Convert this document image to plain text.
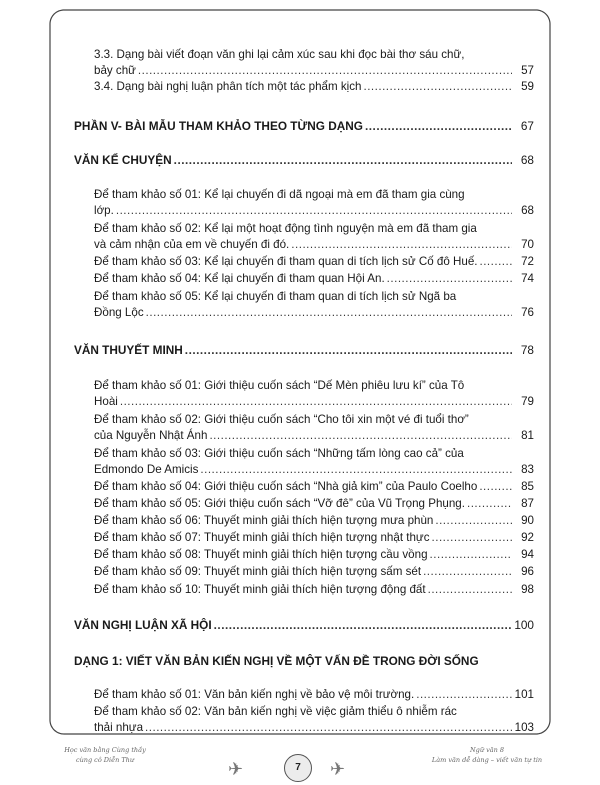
3.3. Dạng bài viết đoạn văn ghi lại cảm xúc sau khi đọc bài thơ sáu chữ,
bảy chữ .....	57
3.4. Dạng bài nghị luận phân tích một tác phẩm kịch .....	59
PHẦN V- BÀI MẪU THAM KHẢO THEO TỪNG DẠNG .....	67
VĂN KỂ CHUYỆN .....	68
Để tham khảo số 01: Kể lại chuyến đi dã ngoại mà em đã tham gia cùng
lớp. .....	68
Để tham khảo số 02: Kể lại một hoạt động tình nguyện mà em đã tham gia
và cảm nhận của em về chuyến đi đó. .....	70
Để tham khảo số 03: Kể lại chuyến đi tham quan di tích lịch sử Cố đô Huế. .....	72
Để tham khảo số 04: Kể lại chuyến đi tham quan Hội An. .....	74
Để tham khảo số 05: Kể lại chuyến đi tham quan di tích lịch sử Ngã ba
Đồng Lộc .....	76
VĂN THUYẾT MINH .....	78
Để tham khảo số 01: Giới thiệu cuốn sách “Dế Mèn phiêu lưu kí” của Tô
Hoài .....	79
Để tham khảo số 02: Giới thiệu cuốn sách “Cho tôi xin một vé đi tuổi thơ”
của Nguyễn Nhật Ánh .....	81
Để tham khảo số 03: Giới thiệu cuốn sách “Những tấm lòng cao cả” của
Edmondo De Amicis .....	83
Để tham khảo số 04: Giới thiệu cuốn sách “Nhà giả kim” của Paulo Coelho .....	85
Để tham khảo số 05: Giới thiệu cuốn sách “Vỡ đê” của Vũ Trọng Phụng. .....	87
Để tham khảo số 06: Thuyết minh giải thích hiện tượng mưa phùn .....	90
Để tham khảo số 07: Thuyết minh giải thích hiện tượng nhật thực .....	92
Để tham khảo số 08: Thuyết minh giải thích hiện tượng cầu vồng .....	94
Để tham khảo số 09: Thuyết minh giải thích hiện tượng sấm sét .....	96
Để tham khảo số 10: Thuyết minh giải thích hiện tượng động đất .....	98
VĂN NGHỊ LUẬN XÃ HỘI .....	100
DẠNG 1: VIẾT VĂN BẢN KIẾN NGHỊ VỀ MỘT VẤN ĐỀ TRONG ĐỜI SỐNG
Để tham khảo số 01: Văn bản kiến nghị về bảo vệ môi trường. .....	101
Để tham khảo số 02: Văn bản kiến nghị về việc giảm thiểu ô nhiễm rác
thải nhựa .....	103
Học văn bằng Cùng thầy
cùng cô Diễn Thư	✈	7	✈
Ngữ văn 8
Làm văn dễ dàng – viết văn tự tin
